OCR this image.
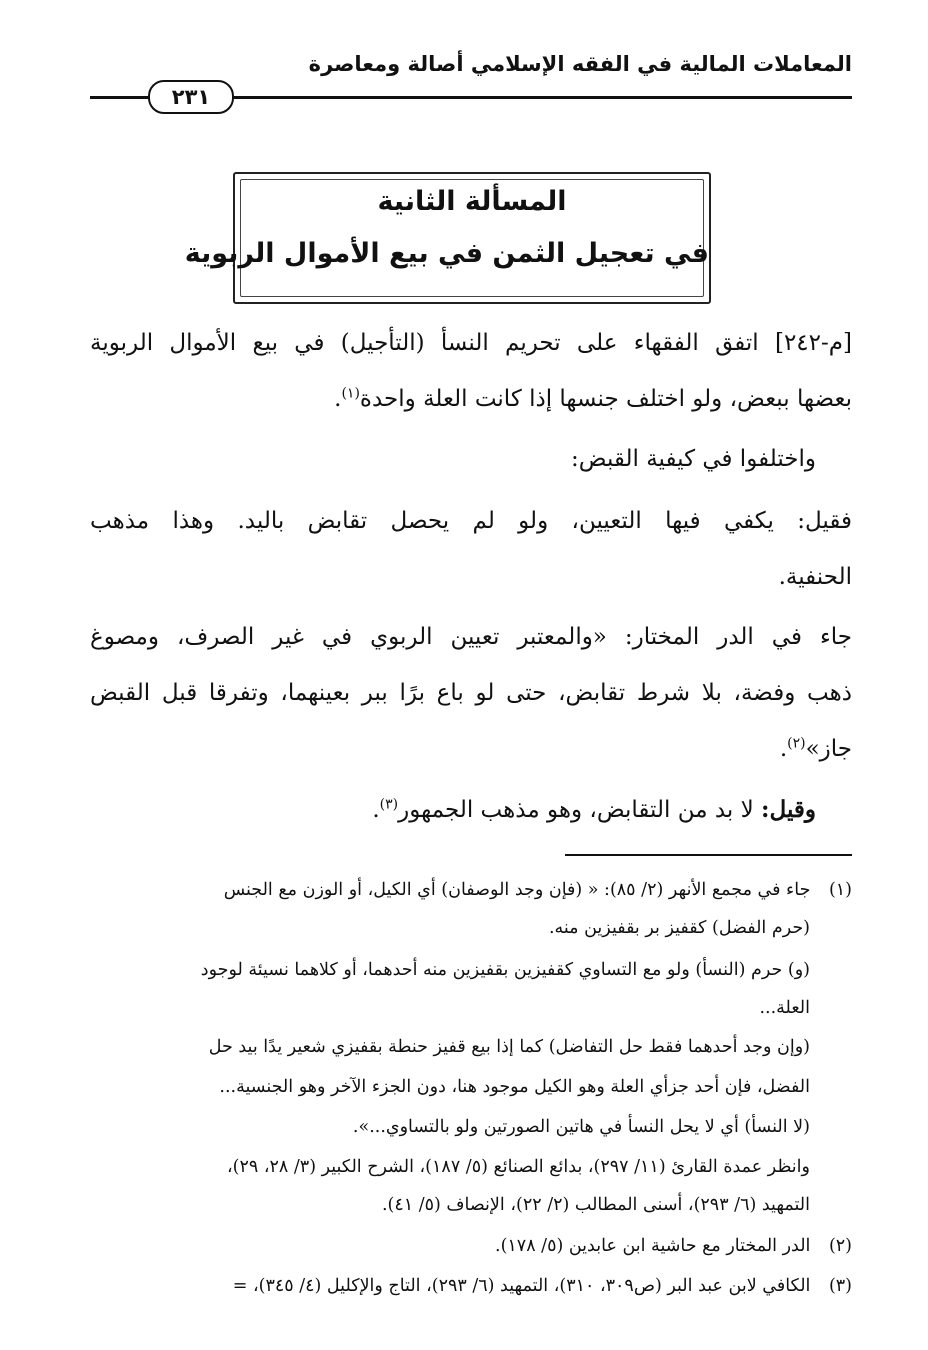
المعاملات المالية في الفقه الإسلامي أصالة ومعاصرة
٢٣١
المسألة الثانية
في تعجيل الثمن في بيع الأموال الربوية
[م-٢٤٢] اتفق الفقهاء على تحريم النسأ (التأجيل) في بيع الأموال الربوية
بعضها ببعض، ولو اختلف جنسها إذا كانت العلة واحدة$^{(١)}$.
واختلفوا في كيفية القبض:
فقيل: يكفي فيها التعيين، ولو لم يحصل تقابض باليد. وهذا مذهب
الحنفية.
جاء في الدر المختار: «والمعتبر تعيين الربوي في غير الصرف، ومصوغ
ذهب وفضة، بلا شرط تقابض، حتى لو باع برًا ببر بعينهما، وتفرقا قبل القبض
جاز»$^{(٢)}$.
وقيل: لا بد من التقابض، وهو مذهب الجمهور$^{(٣)}$.
(١) جاء في مجمع الأنهر (٢/ ٨٥): « (فإن وجد الوصفان) أي الكيل، أو الوزن مع الجنس
(حرم الفضل) كقفيز بر بقفيزين منه.
(و) حرم (النسأ) ولو مع التساوي كقفيزين بقفيزين منه أحدهما، أو كلاهما نسيئة لوجود
العلة...
(وإن وجد أحدهما فقط حل التفاضل) كما إذا بيع قفيز حنطة بقفيزي شعير يدًا بيد حل
الفضل، فإن أحد جزأي العلة وهو الكيل موجود هنا، دون الجزء الآخر وهو الجنسية...
(لا النسأ) أي لا يحل النسأ في هاتين الصورتين ولو بالتساوي...».
وانظر عمدة القارئ (١١/ ٢٩٧)، بدائع الصنائع (٥/ ١٨٧)، الشرح الكبير (٣/ ٢٨، ٢٩)،
التمهيد (٦/ ٢٩٣)، أسنى المطالب (٢/ ٢٢)، الإنصاف (٥/ ٤١).
(٢) الدر المختار مع حاشية ابن عابدين (٥/ ١٧٨).
(٣) الكافي لابن عبد البر (ص٣٠٩، ٣١٠)، التمهيد (٦/ ٢٩٣)، التاج والإكليل (٤/ ٣٤٥)، =
